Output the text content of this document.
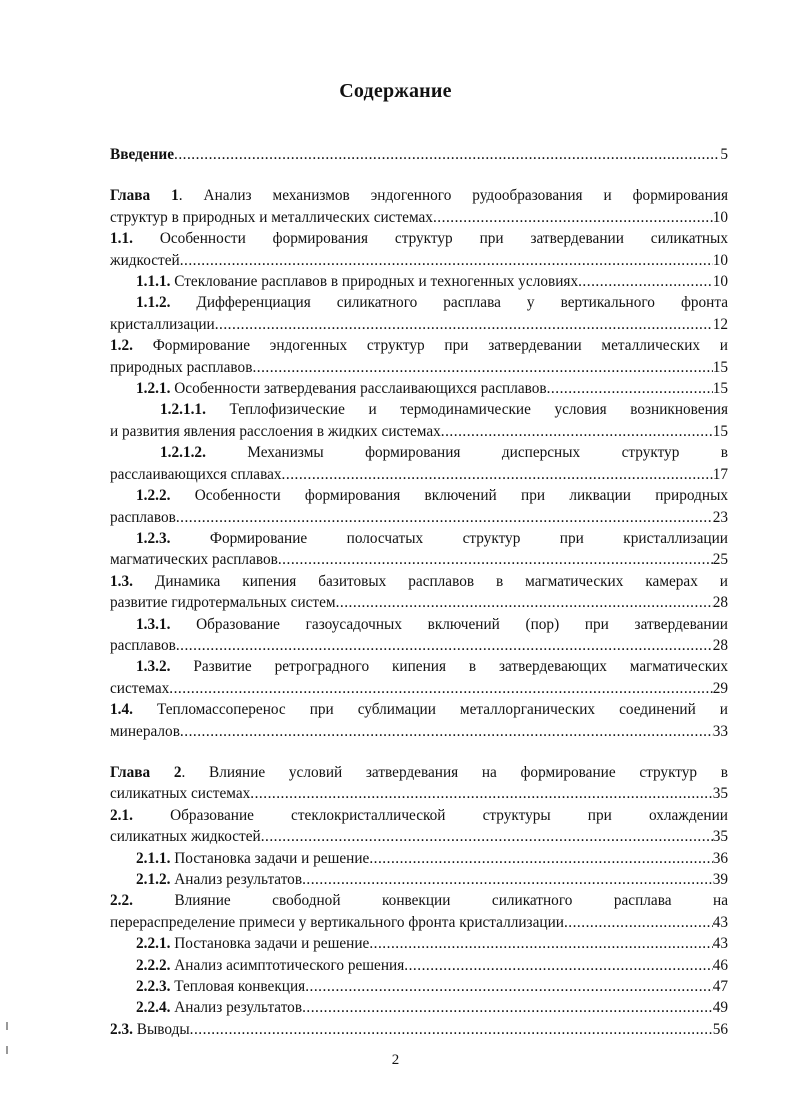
Содержание
Введение .....	5
Глава 1. Анализ механизмов эндогенного рудообразования и формирования
структур в природных и металлических системах .....	10
1.1. Особенности формирования структур при затвердевании силикатных
жидкостей .....	10
1.1.1. Стеклование расплавов в природных и техногенных условиях .....	10
1.1.2. Дифференциация силикатного расплава у вертикального фронта
кристаллизации .....	12
1.2. Формирование эндогенных структур при затвердевании металлических и
природных расплавов .....	15
1.2.1. Особенности затвердевания расслаивающихся расплавов .....	15
1.2.1.1. Теплофизические и термодинамические условия возникновения
и развития явления расслоения в жидких системах .....	15
1.2.1.2. Механизмы формирования дисперсных структур в
расслаивающихся сплавах .....	17
1.2.2. Особенности формирования включений при ликвации природных
расплавов .....	23
1.2.3. Формирование полосчатых структур при кристаллизации
магматических расплавов .....	25
1.3. Динамика кипения базитовых расплавов в магматических камерах и
развитие гидротермальных систем .....	28
1.3.1. Образование газоусадочных включений (пор) при затвердевании
расплавов .....	28
1.3.2. Развитие ретроградного кипения в затвердевающих магматических
системах .....	29
1.4. Тепломассоперенос при сублимации металлорганических соединений и
минералов .....	33
Глава 2. Влияние условий затвердевания на формирование структур в
силикатных системах .....	35
2.1. Образование стеклокристаллической структуры при охлаждении
силикатных жидкостей .....	35
2.1.1. Постановка задачи и решение .....	36
2.1.2. Анализ результатов .....	39
2.2. Влияние свободной конвекции силикатного расплава на
перераспределение примеси у вертикального фронта кристаллизации .....	43
2.2.1. Постановка задачи и решение .....	43
2.2.2. Анализ асимптотического решения .....	46
2.2.3. Тепловая конвекция .....	47
2.2.4. Анализ результатов .....	49
2.3. Выводы .....	56
2
